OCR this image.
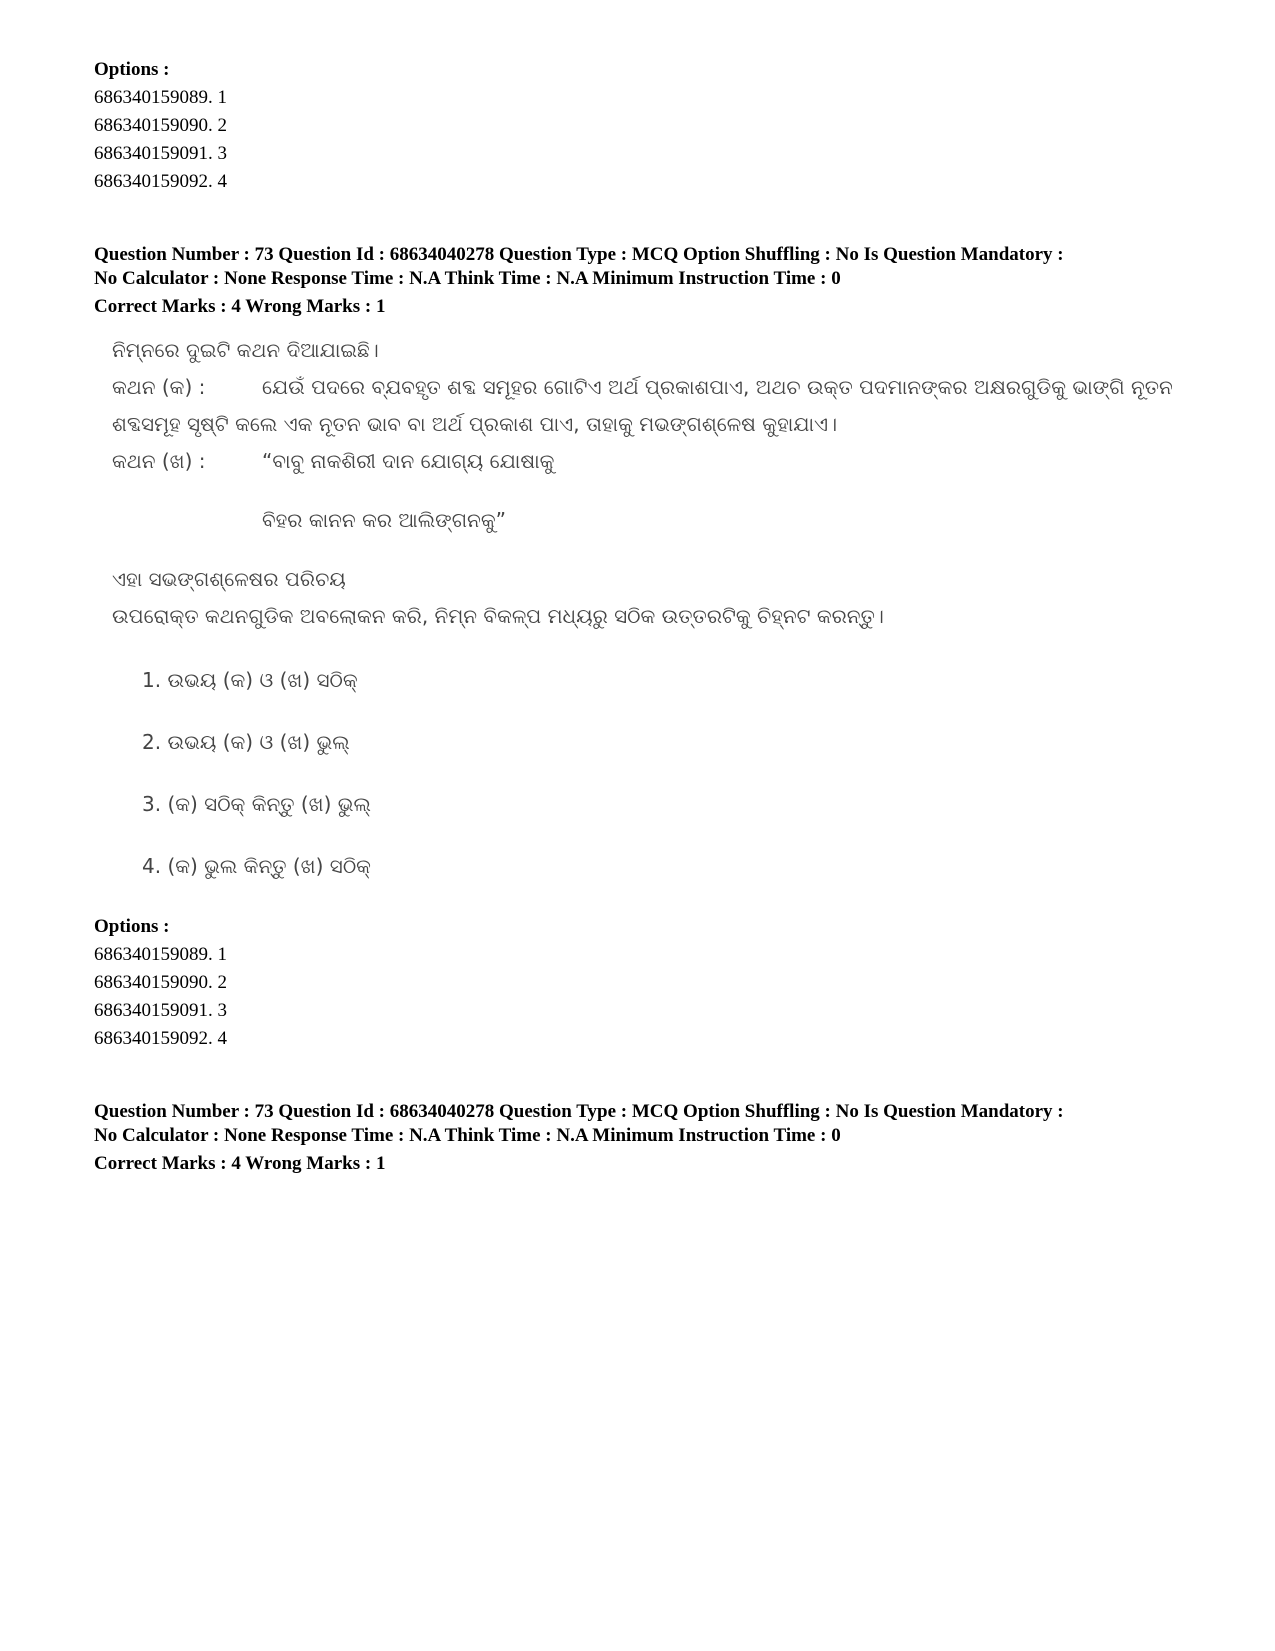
Options :
686340159089. 1
686340159090. 2
686340159091. 3
686340159092. 4
Question Number : 73 Question Id : 68634040278 Question Type : MCQ Option Shuffling : No Is Question Mandatory :
No Calculator : None Response Time : N.A Think Time : N.A Minimum Instruction Time : 0
Correct Marks : 4 Wrong Marks : 1
ନିମ୍ନରେ ଦୁଇଟି କଥନ ଦିଆଯାଇଛି।
କଥନ (କ) :	ଯେଉଁ ପଦରେ ବ୍ଯବହୃତ ଶବ୍ଦ ସମୂହର ଗୋଟିଏ ଅର୍ଥ ପ୍ରକାଶପାଏ, ଅଥଚ ଉକ୍ତ ପଦମାନଙ୍କର ଅକ୍ଷରଗୁଡିକୁ ଭାଙ୍ଗି ନୂତନ
ଶବ୍ଦସମୂହ ସୃଷ୍ଟି କଲେ ଏକ ନୂତନ ଭାବ ବା ଅର୍ଥ ପ୍ରକାଶ ପାଏ, ତାହାକୁ ମଭଙ୍ଗଶ୍ଳେଷ କୁହାଯାଏ।
କଥନ (ଖ) :	“ବାବୁ ନାକଶିରୀ ଦାନ ଯୋଗ୍ୟ ଯୋଷାକୁ
ବିହର କାନନ କର ଆଲିଙ୍ଗନକୁ”
ଏହା ସଭଙ୍ଗଶ୍ଳେଷର ପରିଚୟ
ଉପରୋକ୍ତ କଥନଗୁଡିକ ଅବଲୋକନ କରି, ନିମ୍ନ ବିକଳ୍ପ ମଧ୍ୟରୁ ସଠିକ ଉତ୍ତରଟିକୁ ଚିହ୍ନଟ କରନ୍ତୁ।
1. ଉଭୟ (କ) ଓ (ଖ) ସଠିକ୍
2. ଉଭୟ (କ) ଓ (ଖ) ଭୁଲ୍
3. (କ) ସଠିକ୍ କିନ୍ତୁ (ଖ) ଭୁଲ୍
4. (କ) ଭୁଲ କିନ୍ତୁ (ଖ) ସଠିକ୍
Options :
686340159089. 1
686340159090. 2
686340159091. 3
686340159092. 4
Question Number : 73 Question Id : 68634040278 Question Type : MCQ Option Shuffling : No Is Question Mandatory :
No Calculator : None Response Time : N.A Think Time : N.A Minimum Instruction Time : 0
Correct Marks : 4 Wrong Marks : 1
